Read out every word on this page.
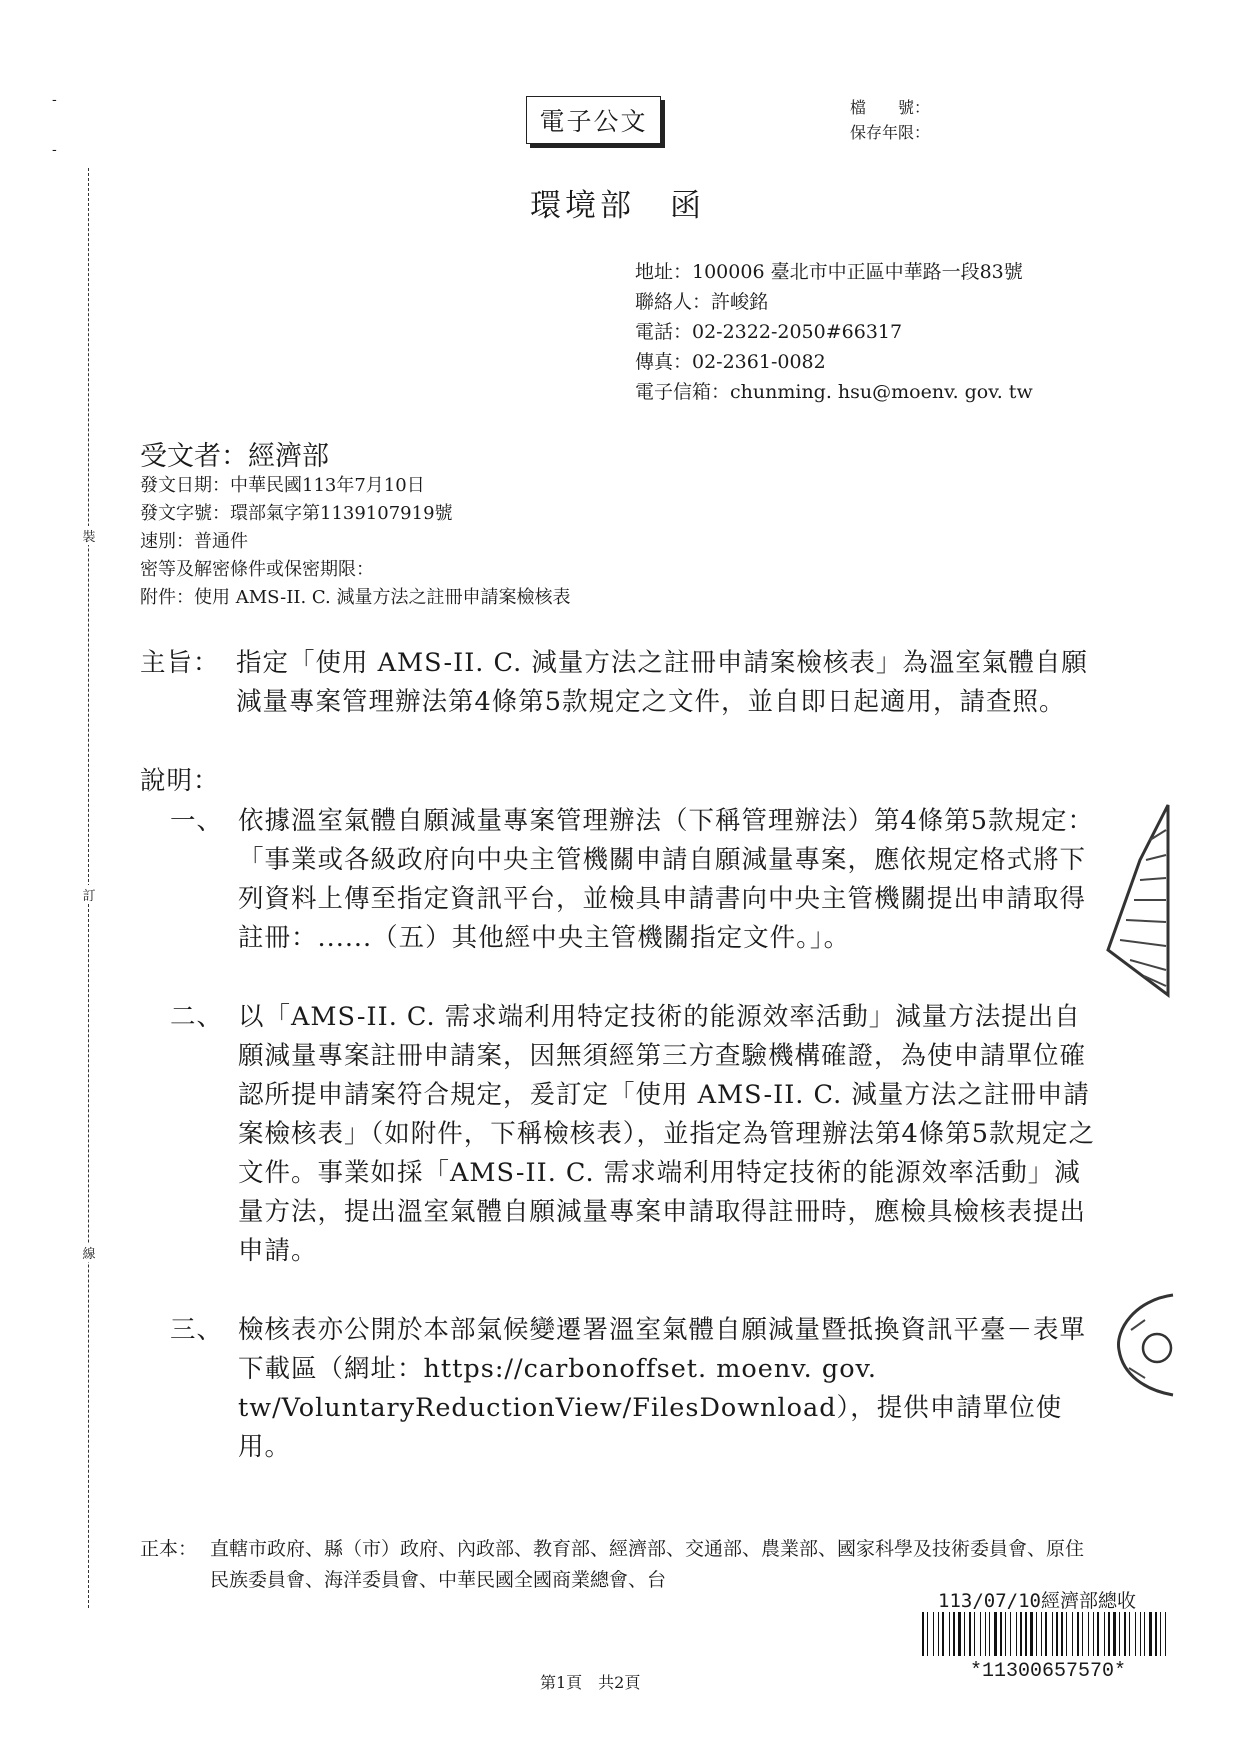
電子公文	檔　　號：
保存年限：
-
-
裝
訂
線
環境部　函
地址：100006 臺北市中正區中華路一段83號
聯絡人：許峻銘
電話：02-2322-2050#66317
傳真：02-2361-0082
電子信箱：chunming. hsu@moenv. gov. tw
受文者：經濟部
發文日期：中華民國113年7月10日
發文字號：環部氣字第1139107919號
速別：普通件
密等及解密條件或保密期限：
附件：使用 AMS-II. C. 減量方法之註冊申請案檢核表
主旨： 指定「使用 AMS-II. C. 減量方法之註冊申請案檢核表」為溫室氣體自願減量專案管理辦法第4條第5款規定之文件，並自即日起適用，請查照。
說明：
一、 依據溫室氣體自願減量專案管理辦法（下稱管理辦法）第4條第5款規定：「事業或各級政府向中央主管機關申請自願減量專案，應依規定格式將下列資料上傳至指定資訊平台，並檢具申請書向中央主管機關提出申請取得註冊：......（五）其他經中央主管機關指定文件。」。
二、 以「AMS-II. C. 需求端利用特定技術的能源效率活動」減量方法提出自願減量專案註冊申請案，因無須經第三方查驗機構確證，為使申請單位確認所提申請案符合規定，爰訂定「使用 AMS-II. C. 減量方法之註冊申請案檢核表」（如附件，下稱檢核表），並指定為管理辦法第4條第5款規定之文件。事業如採「AMS-II. C. 需求端利用特定技術的能源效率活動」減量方法，提出溫室氣體自願減量專案申請取得註冊時，應檢具檢核表提出申請。
三、 檢核表亦公開於本部氣候變遷署溫室氣體自願減量暨抵換資訊平臺－表單下載區（網址：https://carbonoffset. moenv. gov. tw/VoluntaryReductionView/FilesDownload），提供申請單位使用。
正本： 直轄市政府、縣（市）政府、內政部、教育部、經濟部、交通部、農業部、國家科學及技術委員會、原住民族委員會、海洋委員會、中華民國全國商業總會、台
113/07/10經濟部總收
*11300657570*
第1頁　共2頁
